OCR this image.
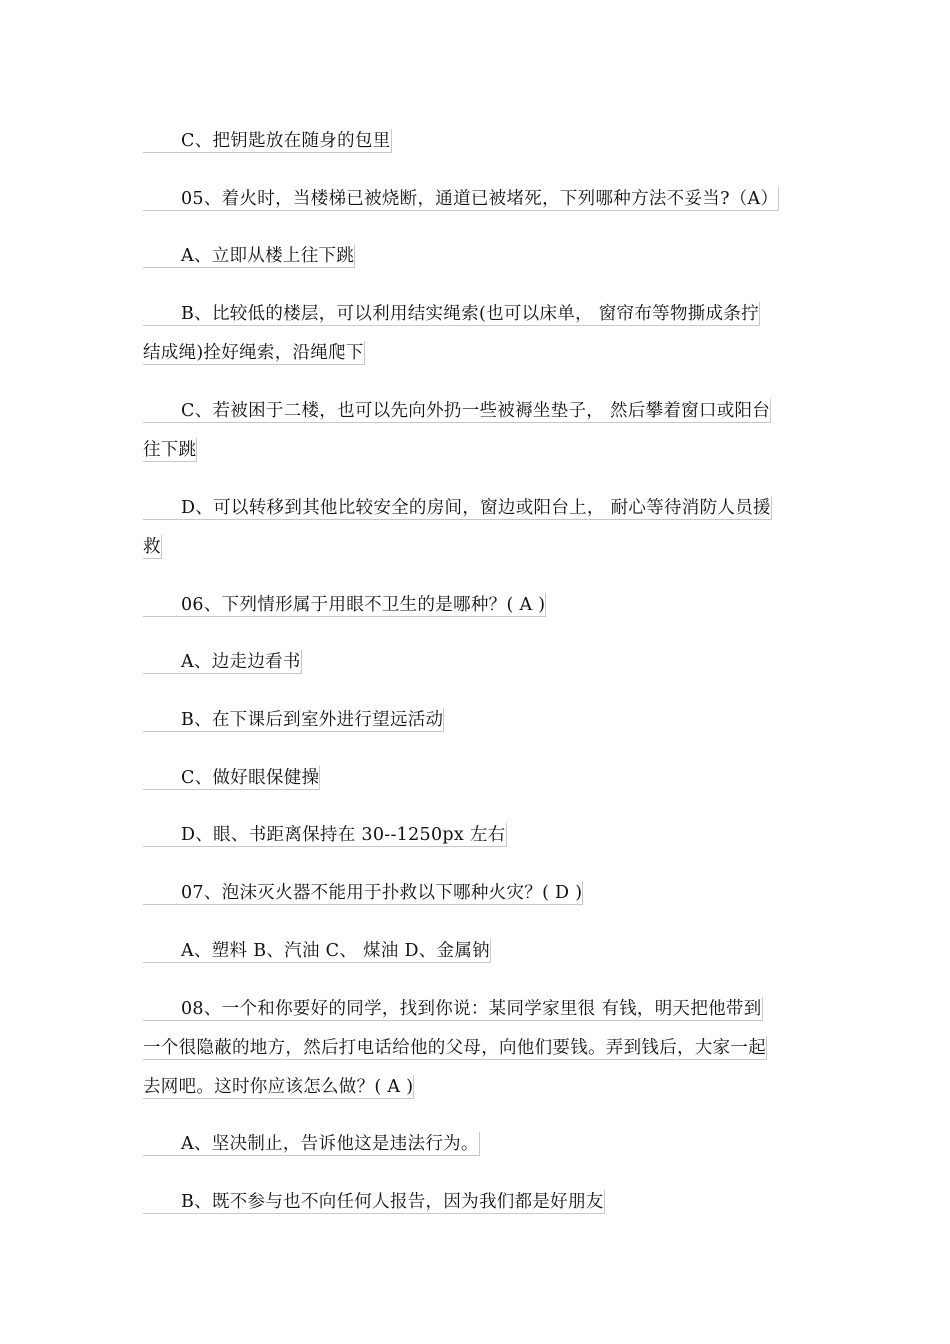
C、把钥匙放在随身的包里
05、着火时，当楼梯已被烧断，通道已被堵死，下列哪种方法不妥当?（A）
A、立即从楼上往下跳
B、比较低的楼层，可以利用结实绳索(也可以床单， 窗帘布等物撕成条拧
结成绳)拴好绳索，沿绳爬下
C、若被困于二楼，也可以先向外扔一些被褥坐垫子， 然后攀着窗口或阳台
往下跳
D、可以转移到其他比较安全的房间，窗边或阳台上， 耐心等待消防人员援
救
06、下列情形属于用眼不卫生的是哪种？( A )
A、边走边看书
B、在下课后到室外进行望远活动
C、做好眼保健操
D、眼、书距离保持在 30--1250px 左右
07、泡沫灭火器不能用于扑救以下哪种火灾？( D )
A、塑料 B、汽油 C、 煤油 D、金属钠
08、一个和你要好的同学，找到你说：某同学家里很 有钱，明天把他带到
一个很隐蔽的地方，然后打电话给他的父母，向他们要钱。弄到钱后，大家一起
去网吧。这时你应该怎么做？( A )
A、坚决制止，告诉他这是违法行为。
B、既不参与也不向任何人报告，因为我们都是好朋友
